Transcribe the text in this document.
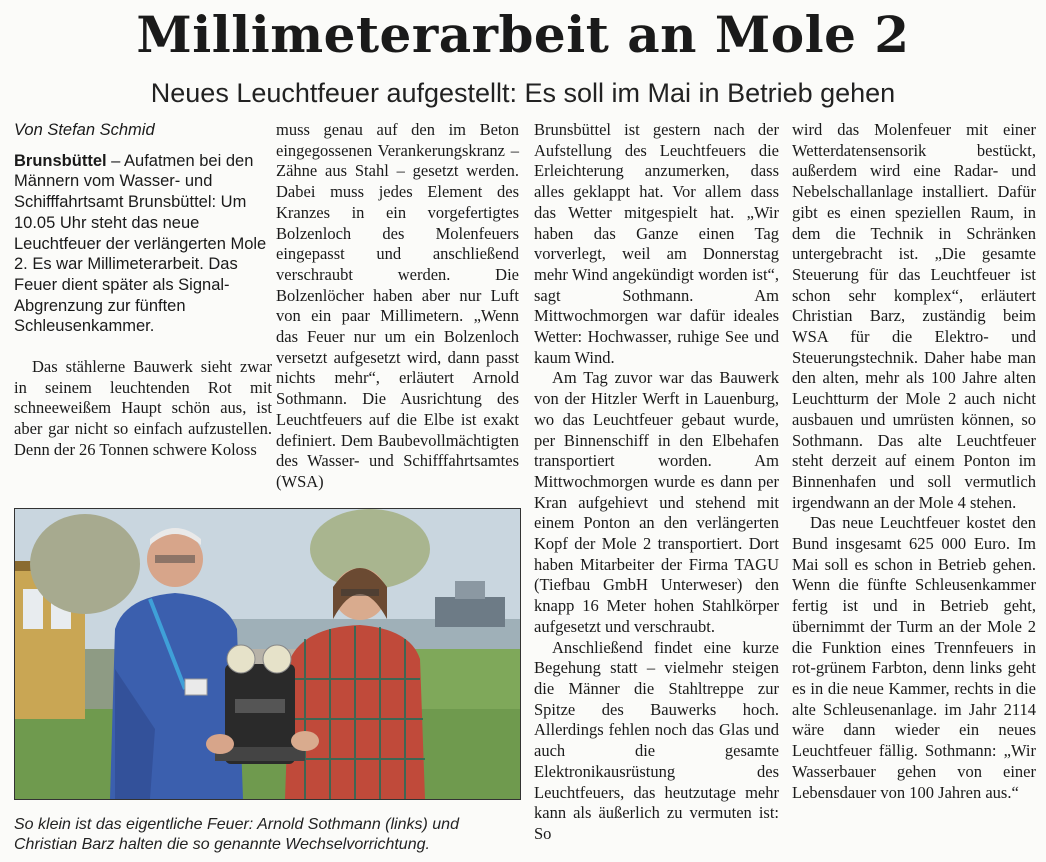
Millimeterarbeit an Mole 2
Neues Leuchtfeuer aufgestellt: Es soll im Mai in Betrieb gehen

Von Stefan Schmid

Brunsbüttel – Aufatmen bei den Männern vom Wasser- und Schifffahrtsamt Brunsbüttel: Um 10.05 Uhr steht das neue Leuchtfeuer der verlängerten Mole 2. Es war Millimeterarbeit. Das Feuer dient später als Signal-Abgrenzung zur fünften Schleusenkammer.

Das stählerne Bauwerk sieht zwar in seinem leuchtenden Rot mit schneeweißem Haupt schön aus, ist aber gar nicht so einfach aufzustellen. Denn der 26 Tonnen schwere Koloss

muss genau auf den im Beton eingegossenen Verankerungskranz – Zähne aus Stahl – gesetzt werden. Dabei muss jedes Element des Kranzes in ein vorgefertigtes Bolzenloch des Molenfeuers eingepasst und anschließend verschraubt werden. Die Bolzenlöcher haben aber nur Luft von ein paar Millimetern. „Wenn das Feuer nur um ein Bolzenloch versetzt aufgesetzt wird, dann passt nichts mehr“, erläutert Arnold Sothmann. Die Ausrichtung des Leuchtfeuers auf die Elbe ist exakt definiert. Dem Baubevollmächtigten des Wasser- und Schifffahrtsamtes (WSA)

Brunsbüttel ist gestern nach der Aufstellung des Leuchtfeuers die Erleichterung anzumerken, dass alles geklappt hat. Vor allem dass das Wetter mitgespielt hat. „Wir haben das Ganze einen Tag vorverlegt, weil am Donnerstag mehr Wind angekündigt worden ist“, sagt Sothmann. Am Mittwochmorgen war dafür ideales Wetter: Hochwasser, ruhige See und kaum Wind.

Am Tag zuvor war das Bauwerk von der Hitzler Werft in Lauenburg, wo das Leuchtfeuer gebaut wurde, per Binnenschiff in den Elbehafen transportiert worden. Am Mittwochmorgen wurde es dann per Kran aufgehievt und stehend mit einem Ponton an den verlängerten Kopf der Mole 2 transportiert. Dort haben Mitarbeiter der Firma TAGU (Tiefbau GmbH Unterweser) den knapp 16 Meter hohen Stahlkörper aufgesetzt und verschraubt.

Anschließend findet eine kurze Begehung statt – vielmehr steigen die Männer die Stahltreppe zur Spitze des Bauwerks hoch. Allerdings fehlen noch das Glas und auch die gesamte Elektronikausrüstung des Leuchtfeuers, das heutzutage mehr kann als äußerlich zu vermuten ist: So

wird das Molenfeuer mit einer Wetterdatensensorik bestückt, außerdem wird eine Radar- und Nebelschallanlage installiert. Dafür gibt es einen speziellen Raum, in dem die Technik in Schränken untergebracht ist. „Die gesamte Steuerung für das Leuchtfeuer ist schon sehr komplex“, erläutert Christian Barz, zuständig beim WSA für die Elektro- und Steuerungstechnik. Daher habe man den alten, mehr als 100 Jahre alten Leuchtturm der Mole 2 auch nicht ausbauen und umrüsten können, so Sothmann. Das alte Leuchtfeuer steht derzeit auf einem Ponton im Binnenhafen und soll vermutlich irgendwann an der Mole 4 stehen.

Das neue Leuchtfeuer kostet den Bund insgesamt 625 000 Euro. Im Mai soll es schon in Betrieb gehen. Wenn die fünfte Schleusenkammer fertig ist und in Betrieb geht, übernimmt der Turm an der Mole 2 die Funktion eines Trennfeuers in rot-grünem Farbton, denn links geht es in die neue Kammer, rechts in die alte Schleusenanlage. im Jahr 2114 wäre dann wieder ein neues Leuchtfeuer fällig. Sothmann: „Wir Wasserbauer gehen von einer Lebensdauer von 100 Jahren aus.“

So klein ist das eigentliche Feuer: Arnold Sothmann (links) und Christian Barz halten die so genannte Wechselvorrichtung.
